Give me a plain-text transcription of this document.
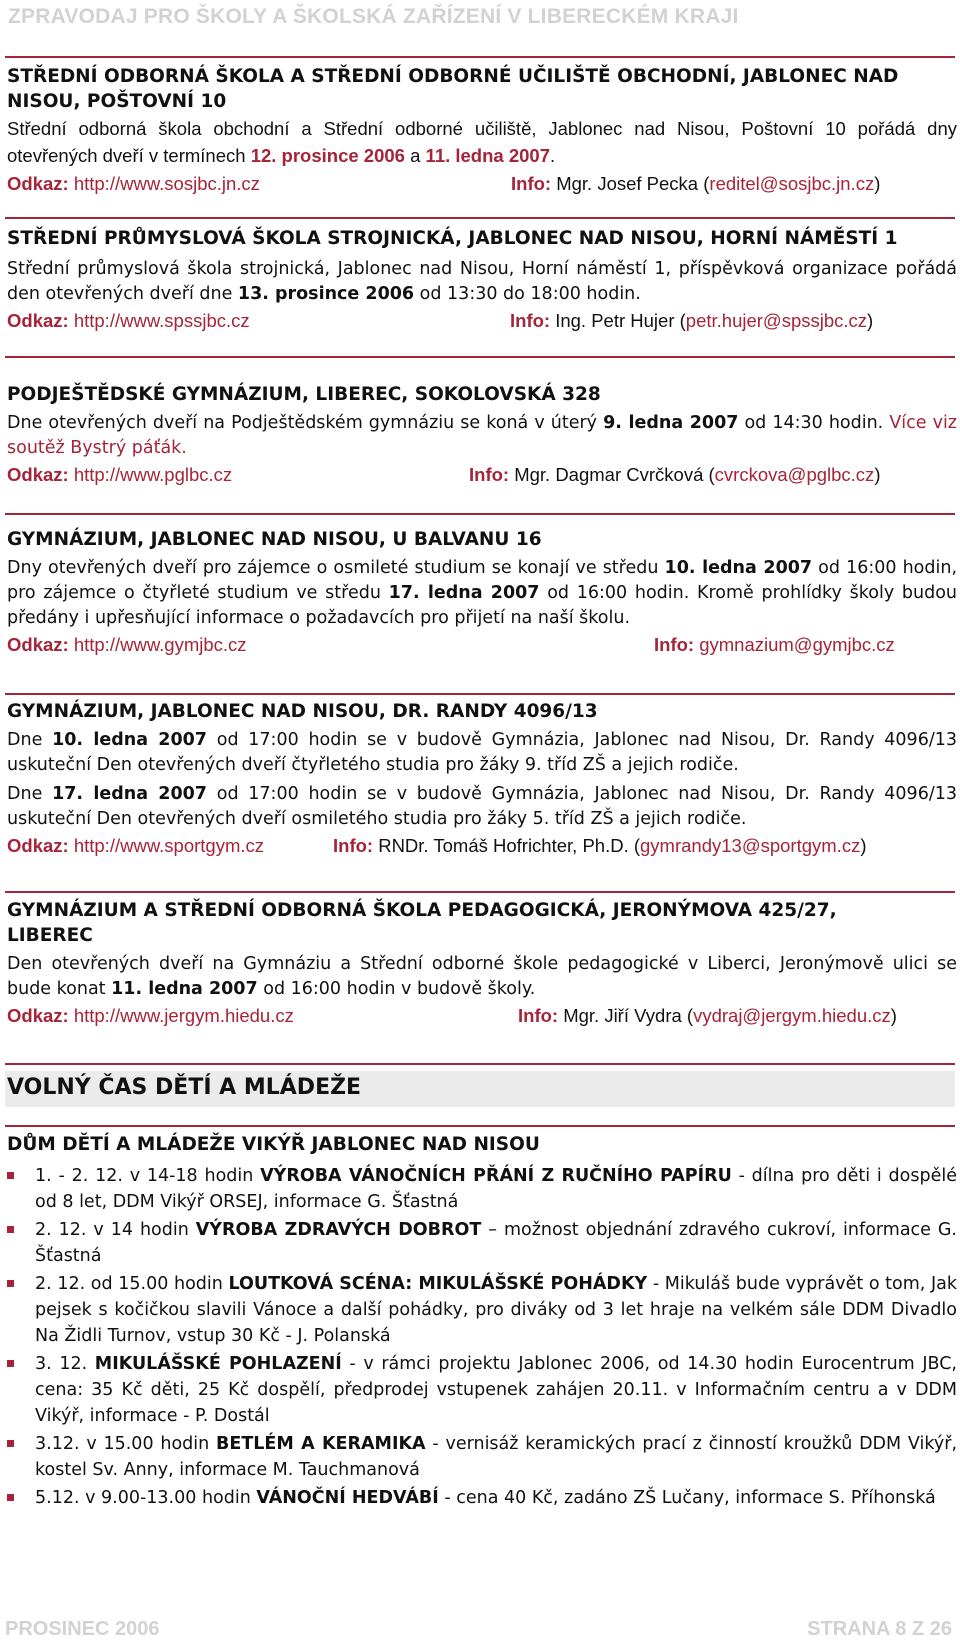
ZPRAVODAJ PRO ŠKOLY A ŠKOLSKÁ ZAŘÍZENÍ V LIBERECKÉM KRAJI
STŘEDNÍ ODBORNÁ ŠKOLA A STŘEDNÍ ODBORNÉ UČILIŠTĚ OBCHODNÍ, JABLONEC NAD
NISOU, POŠTOVNÍ 10
Střední odborná škola obchodní a Střední odborné učiliště, Jablonec nad Nisou, Poštovní 10 pořádá dny otevřených dveří v termínech 12. prosince 2006 a 11. ledna 2007.
Odkaz: http://www.sosjbc.jn.cz	Info: Mgr. Josef Pecka (reditel@sosjbc.jn.cz)
STŘEDNÍ PRŮMYSLOVÁ ŠKOLA STROJNICKÁ, JABLONEC NAD NISOU, HORNÍ NÁMĚSTÍ 1
Střední průmyslová škola strojnická, Jablonec nad Nisou, Horní náměstí 1, příspěvková organizace pořádá den otevřených dveří dne 13. prosince 2006 od 13:30 do 18:00 hodin.
Odkaz: http://www.spssjbc.cz	Info: Ing. Petr Hujer (petr.hujer@spssjbc.cz)
PODJEŠTĚDSKÉ GYMNÁZIUM, LIBEREC, SOKOLOVSKÁ 328
Dne otevřených dveří na Podještědském gymnáziu se koná v úterý 9. ledna 2007 od 14:30 hodin. Více viz soutěž Bystrý páťák.
Odkaz: http://www.pglbc.cz	Info: Mgr. Dagmar Cvrčková (cvrckova@pglbc.cz)
GYMNÁZIUM, JABLONEC NAD NISOU, U BALVANU 16
Dny otevřených dveří pro zájemce o osmileté studium se konají ve středu 10. ledna 2007 od 16:00 hodin, pro zájemce o čtyřleté studium ve středu 17. ledna 2007 od 16:00 hodin. Kromě prohlídky školy budou předány i upřesňující informace o požadavcích pro přijetí na naší školu.
Odkaz: http://www.gymjbc.cz	Info: gymnazium@gymjbc.cz
GYMNÁZIUM, JABLONEC NAD NISOU, DR. RANDY 4096/13
Dne 10. ledna 2007 od 17:00 hodin se v budově Gymnázia, Jablonec nad Nisou, Dr. Randy 4096/13 uskuteční Den otevřených dveří čtyřletého studia pro žáky 9. tříd ZŠ a jejich rodiče.
Dne 17. ledna 2007 od 17:00 hodin se v budově Gymnázia, Jablonec nad Nisou, Dr. Randy 4096/13 uskuteční Den otevřených dveří osmiletého studia pro žáky 5. tříd ZŠ a jejich rodiče.
Odkaz: http://www.sportgym.cz	Info: RNDr. Tomáš Hofrichter, Ph.D. (gymrandy13@sportgym.cz)
GYMNÁZIUM A STŘEDNÍ ODBORNÁ ŠKOLA PEDAGOGICKÁ, JERONÝMOVA 425/27,
LIBEREC
Den otevřených dveří na Gymnáziu a Střední odborné škole pedagogické v Liberci, Jeronýmově ulici se bude konat 11. ledna 2007 od 16:00 hodin v budově školy.
Odkaz: http://www.jergym.hiedu.cz	Info: Mgr. Jiří Vydra (vydraj@jergym.hiedu.cz)
VOLNÝ ČAS DĚTÍ A MLÁDEŽE
DŮM DĚTÍ A MLÁDEŽE VIKÝŘ JABLONEC NAD NISOU
1. - 2. 12. v 14-18 hodin VÝROBA VÁNOČNÍCH PŘÁNÍ Z RUČNÍHO PAPÍRU - dílna pro děti i dospělé od 8 let, DDM Vikýř ORSEJ, informace G. Šťastná
2. 12. v 14 hodin VÝROBA ZDRAVÝCH DOBROT – možnost objednání zdravého cukroví, informace G. Šťastná
2. 12. od 15.00 hodin LOUTKOVÁ SCÉNA: MIKULÁŠSKÉ POHÁDKY - Mikuláš bude vyprávět o tom, Jak pejsek s kočičkou slavili Vánoce a další pohádky, pro diváky od 3 let hraje na velkém sále DDM Divadlo Na Židli Turnov, vstup 30 Kč - J. Polanská
3. 12. MIKULÁŠSKÉ POHLAZENÍ - v rámci projektu Jablonec 2006, od 14.30 hodin Eurocentrum JBC, cena: 35 Kč děti, 25 Kč dospělí, předprodej vstupenek zahájen 20.11. v Informačním centru a v DDM Vikýř, informace - P. Dostál
3.12. v 15.00 hodin BETLÉM A KERAMIKA - vernisáž keramických prací z činností kroužků DDM Vikýř, kostel Sv. Anny, informace M. Tauchmanová
5.12. v 9.00-13.00 hodin VÁNOČNÍ HEDVÁBÍ - cena 40 Kč, zadáno ZŠ Lučany, informace S. Příhonská
PROSINEC 2006	STRANA 8 Z 26
